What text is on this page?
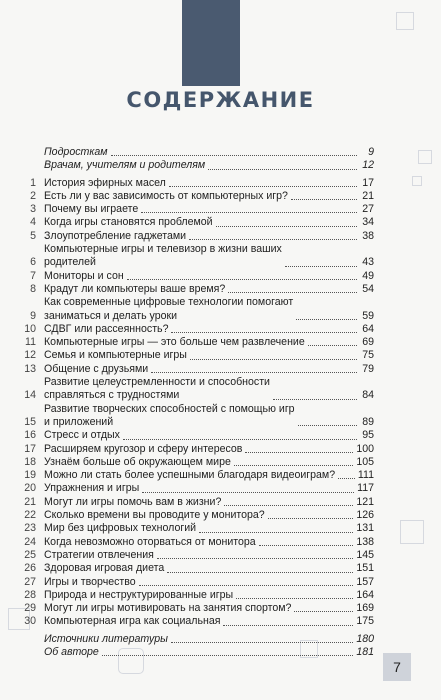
СОДЕРЖАНИЕ
Подросткам	9
Врачам, учителям и родителям	12
1 История эфирных масел	17
2 Есть ли у вас зависимость от компьютерных игр?	21
3 Почему вы играете	27
4 Когда игры становятся проблемой	34
5 Злоупотребление гаджетами	38
6
Компьютерные игры и телевизор в жизни ваших
родителей	43
7 Мониторы и сон	49
8 Крадут ли компьютеры ваше время?	54
9
Как современные цифровые технологии помогают
заниматься и делать уроки	59
10 СДВГ или рассеянность?	64
11 Компьютерные игры — это больше чем развлечение	69
12 Семья и компьютерные игры	75
13 Общение с друзьями	79
14
Развитие целеустремленности и способности
справляться с трудностями	84
15
Развитие творческих способностей с помощью игр
и приложений	89
16 Стресс и отдых	95
17 Расширяем кругозор и сферу интересов	100
18 Узнаём больше об окружающем мире	105
19 Можно ли стать более успешными благодаря видеоиграм? 111
20 Упражнения и игры	117
21 Могут ли игры помочь вам в жизни?	121
22 Сколько времени вы проводите у монитора?	126
23 Мир без цифровых технологий	131
24 Когда невозможно оторваться от монитора	138
25 Стратегии отвлечения	145
26 Здоровая игровая диета	151
27 Игры и творчество	157
28 Природа и неструктурированные игры	164
29 Могут ли игры мотивировать на занятия спортом?	169
30 Компьютерная игра как социальная	175
Источники литературы	180
Об авторе	181
7
